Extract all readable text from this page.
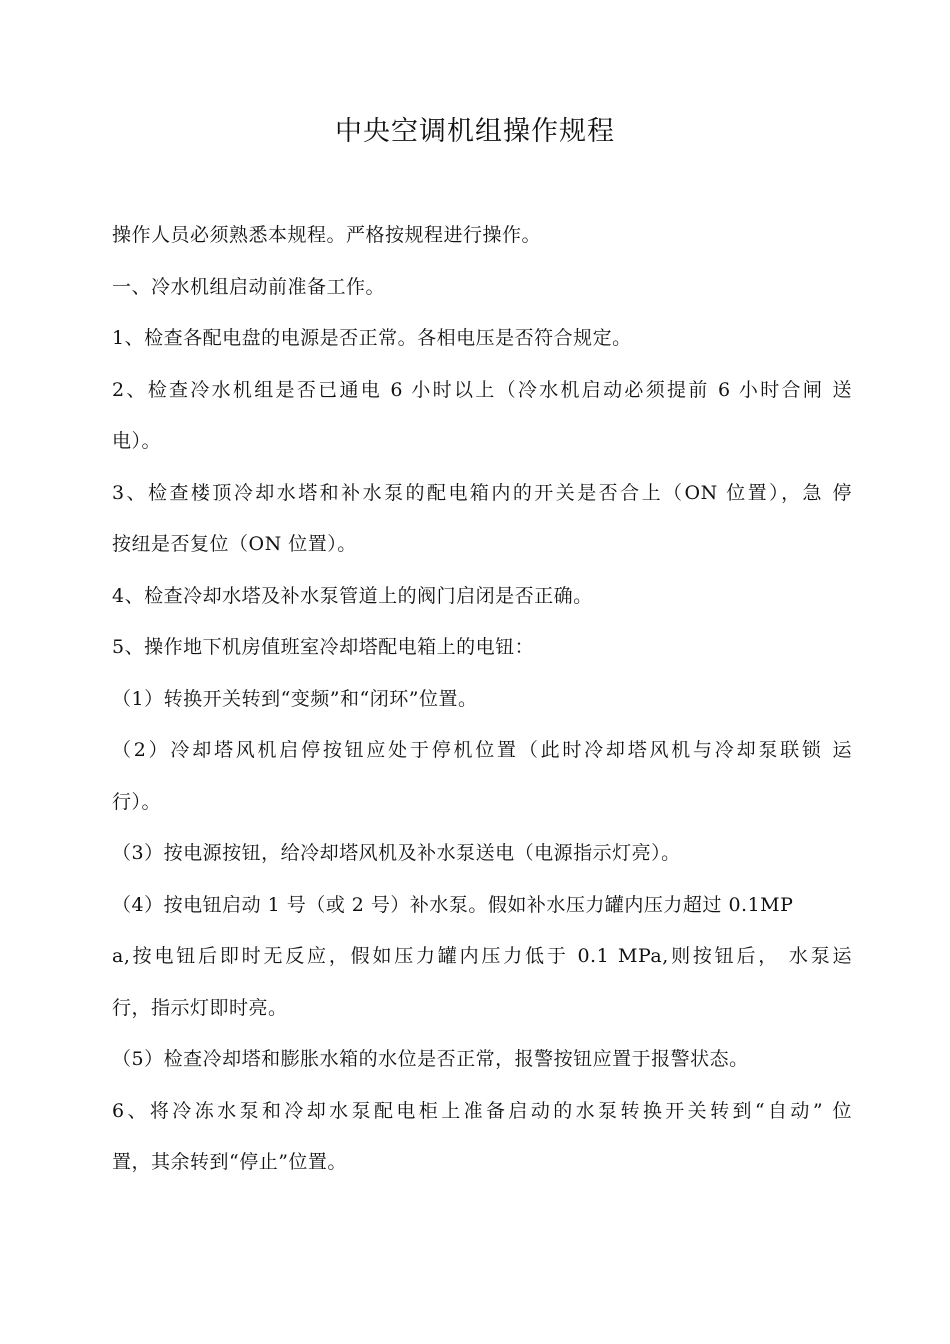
中央空调机组操作规程
操作人员必须熟悉本规程。严格按规程进行操作。
一、冷水机组启动前准备工作。
1、检查各配电盘的电源是否正常。各相电压是否符合规定。
2、检查冷水机组是否已通电 6 小时以上（冷水机启动必须提前 6 小时合闸 送
电）。
3、检查楼顶冷却水塔和补水泵的配电箱内的开关是否合上（ON 位置），急 停
按纽是否复位（ON 位置）。
4、检查冷却水塔及补水泵管道上的阀门启闭是否正确。
5、操作地下机房值班室冷却塔配电箱上的电钮：
（1）转换开关转到“变频”和“闭环”位置。
（2）冷却塔风机启停按钮应处于停机位置（此时冷却塔风机与冷却泵联锁 运
行）。
（3）按电源按钮，给冷却塔风机及补水泵送电（电源指示灯亮）。
（4）按电钮启动 1 号（或 2 号）补水泵。假如补水压力罐内压力超过 0.1MP
a,按电钮后即时无反应，假如压力罐内压力低于 0.1 MPa,则按钮后， 水泵运
行，指示灯即时亮。
（5）检查冷却塔和膨胀水箱的水位是否正常，报警按钮应置于报警状态。
6、将冷冻水泵和冷却水泵配电柜上准备启动的水泵转换开关转到“自动” 位
置，其余转到“停止”位置。
